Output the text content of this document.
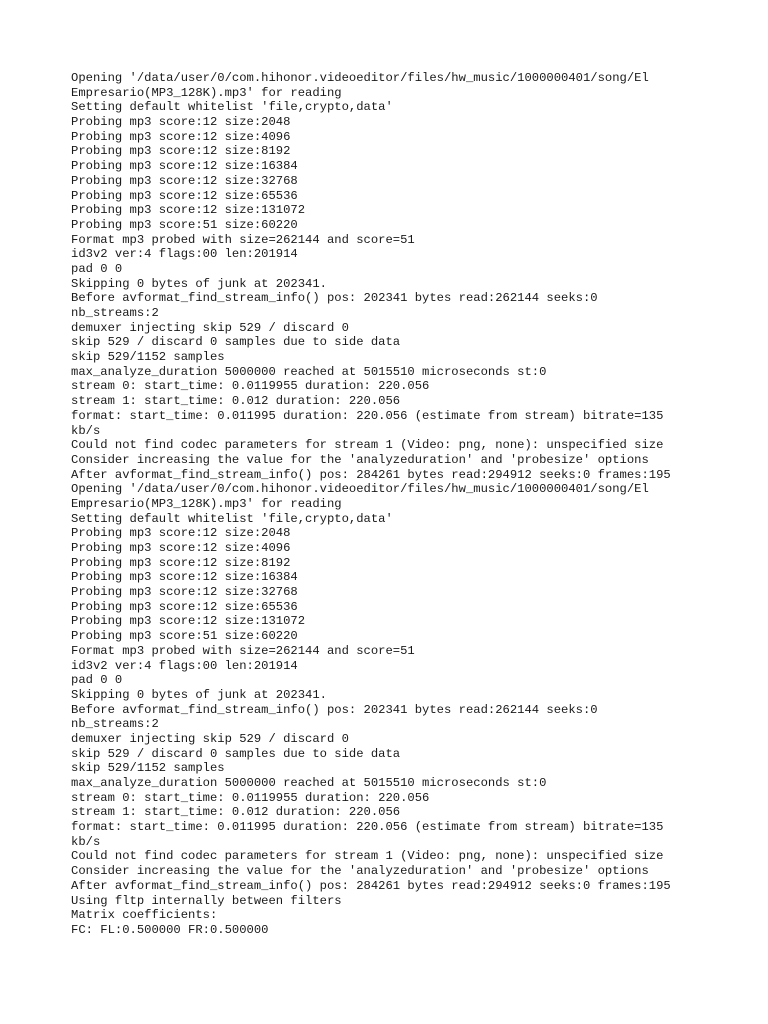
Opening '/data/user/0/com.hihonor.videoeditor/files/hw_music/1000000401/song/El
Empresario(MP3_128K).mp3' for reading
Setting default whitelist 'file,crypto,data'
Probing mp3 score:12 size:2048
Probing mp3 score:12 size:4096
Probing mp3 score:12 size:8192
Probing mp3 score:12 size:16384
Probing mp3 score:12 size:32768
Probing mp3 score:12 size:65536
Probing mp3 score:12 size:131072
Probing mp3 score:51 size:60220
Format mp3 probed with size=262144 and score=51
id3v2 ver:4 flags:00 len:201914
pad 0 0
Skipping 0 bytes of junk at 202341.
Before avformat_find_stream_info() pos: 202341 bytes read:262144 seeks:0
nb_streams:2
demuxer injecting skip 529 / discard 0
skip 529 / discard 0 samples due to side data
skip 529/1152 samples
max_analyze_duration 5000000 reached at 5015510 microseconds st:0
stream 0: start_time: 0.0119955 duration: 220.056
stream 1: start_time: 0.012 duration: 220.056
format: start_time: 0.011995 duration: 220.056 (estimate from stream) bitrate=135
kb/s
Could not find codec parameters for stream 1 (Video: png, none): unspecified size
Consider increasing the value for the 'analyzeduration' and 'probesize' options
After avformat_find_stream_info() pos: 284261 bytes read:294912 seeks:0 frames:195
Opening '/data/user/0/com.hihonor.videoeditor/files/hw_music/1000000401/song/El
Empresario(MP3_128K).mp3' for reading
Setting default whitelist 'file,crypto,data'
Probing mp3 score:12 size:2048
Probing mp3 score:12 size:4096
Probing mp3 score:12 size:8192
Probing mp3 score:12 size:16384
Probing mp3 score:12 size:32768
Probing mp3 score:12 size:65536
Probing mp3 score:12 size:131072
Probing mp3 score:51 size:60220
Format mp3 probed with size=262144 and score=51
id3v2 ver:4 flags:00 len:201914
pad 0 0
Skipping 0 bytes of junk at 202341.
Before avformat_find_stream_info() pos: 202341 bytes read:262144 seeks:0
nb_streams:2
demuxer injecting skip 529 / discard 0
skip 529 / discard 0 samples due to side data
skip 529/1152 samples
max_analyze_duration 5000000 reached at 5015510 microseconds st:0
stream 0: start_time: 0.0119955 duration: 220.056
stream 1: start_time: 0.012 duration: 220.056
format: start_time: 0.011995 duration: 220.056 (estimate from stream) bitrate=135
kb/s
Could not find codec parameters for stream 1 (Video: png, none): unspecified size
Consider increasing the value for the 'analyzeduration' and 'probesize' options
After avformat_find_stream_info() pos: 284261 bytes read:294912 seeks:0 frames:195
Using fltp internally between filters
Matrix coefficients:
FC: FL:0.500000 FR:0.500000
